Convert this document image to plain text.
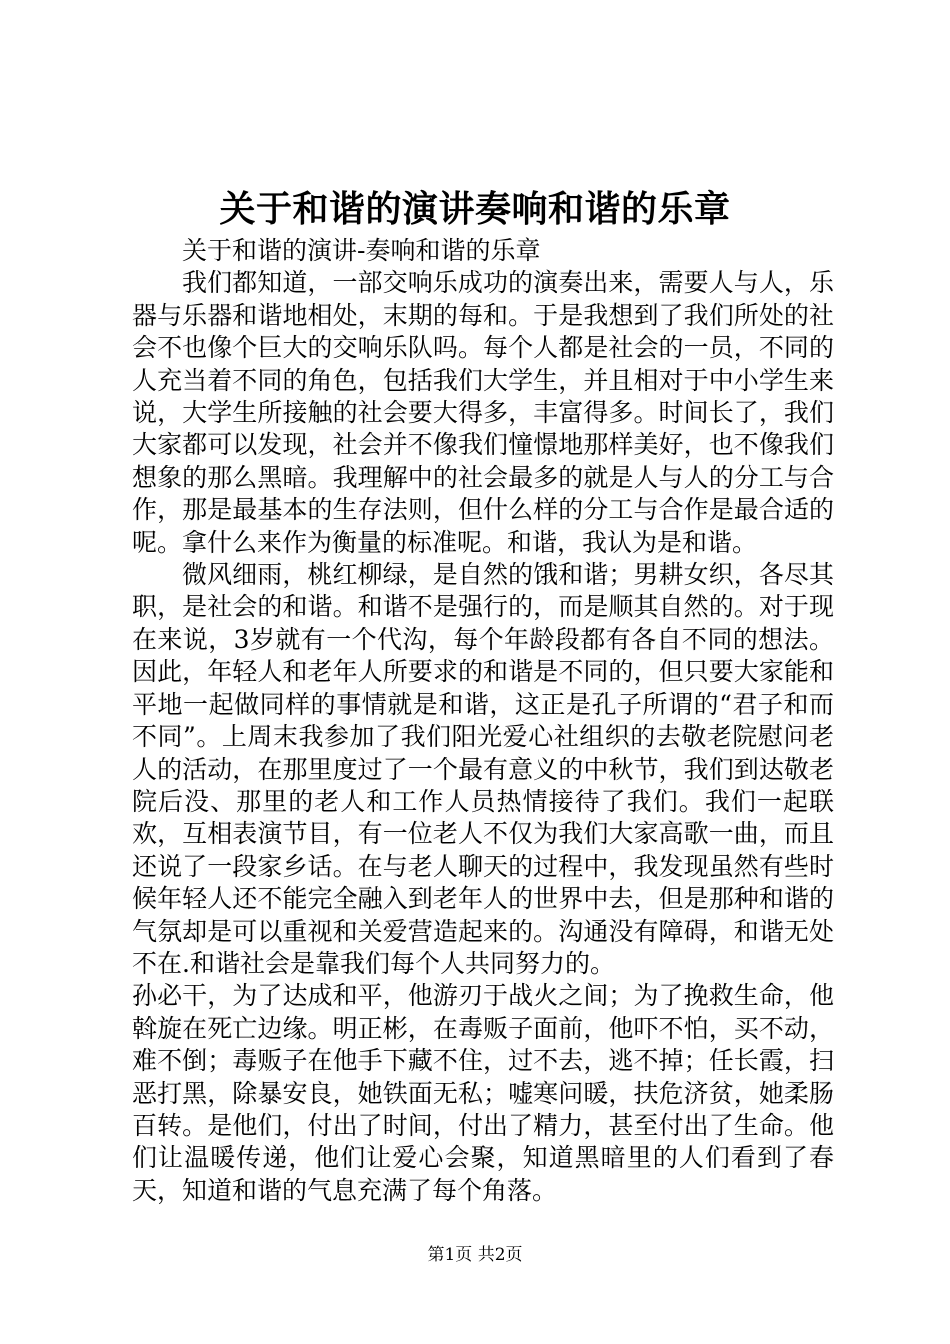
关于和谐的演讲奏响和谐的乐章

关于和谐的演讲-奏响和谐的乐章

我们都知道，一部交响乐成功的演奏出来，需要人与人，乐器与乐器和谐地相处，末期的每和。于是我想到了我们所处的社会不也像个巨大的交响乐队吗。每个人都是社会的一员，不同的人充当着不同的角色，包括我们大学生，并且相对于中小学生来说，大学生所接触的社会要大得多，丰富得多。时间长了，我们大家都可以发现，社会并不像我们憧憬地那样美好，也不像我们想象的那么黑暗。我理解中的社会最多的就是人与人的分工与合作，那是最基本的生存法则，但什么样的分工与合作是最合适的呢。拿什么来作为衡量的标准呢。和谐，我认为是和谐。

微风细雨，桃红柳绿，是自然的饿和谐；男耕女织，各尽其职，是社会的和谐。和谐不是强行的，而是顺其自然的。对于现在来说，3岁就有一个代沟，每个年龄段都有各自不同的想法。因此，年轻人和老年人所要求的和谐是不同的，但只要大家能和平地一起做同样的事情就是和谐，这正是孔子所谓的“君子和而不同”。上周末我参加了我们阳光爱心社组织的去敬老院慰问老人的活动，在那里度过了一个最有意义的中秋节，我们到达敬老院后没、那里的老人和工作人员热情接待了我们。我们一起联欢，互相表演节目，有一位老人不仅为我们大家高歌一曲，而且还说了一段家乡话。在与老人聊天的过程中，我发现虽然有些时候年轻人还不能完全融入到老年人的世界中去，但是那种和谐的气氛却是可以重视和关爱营造起来的。沟通没有障碍，和谐无处不在.和谐社会是靠我们每个人共同努力的。

孙必干，为了达成和平，他游刃于战火之间；为了挽救生命，他斡旋在死亡边缘。明正彬，在毒贩子面前，他吓不怕，买不动，难不倒；毒贩子在他手下藏不住，过不去，逃不掉；任长霞，扫恶打黑，除暴安良，她铁面无私；嘘寒问暖，扶危济贫，她柔肠百转。是他们，付出了时间，付出了精力，甚至付出了生命。他们让温暖传递，他们让爱心会聚，知道黑暗里的人们看到了春天，知道和谐的气息充满了每个角落。

第1页 共2页
